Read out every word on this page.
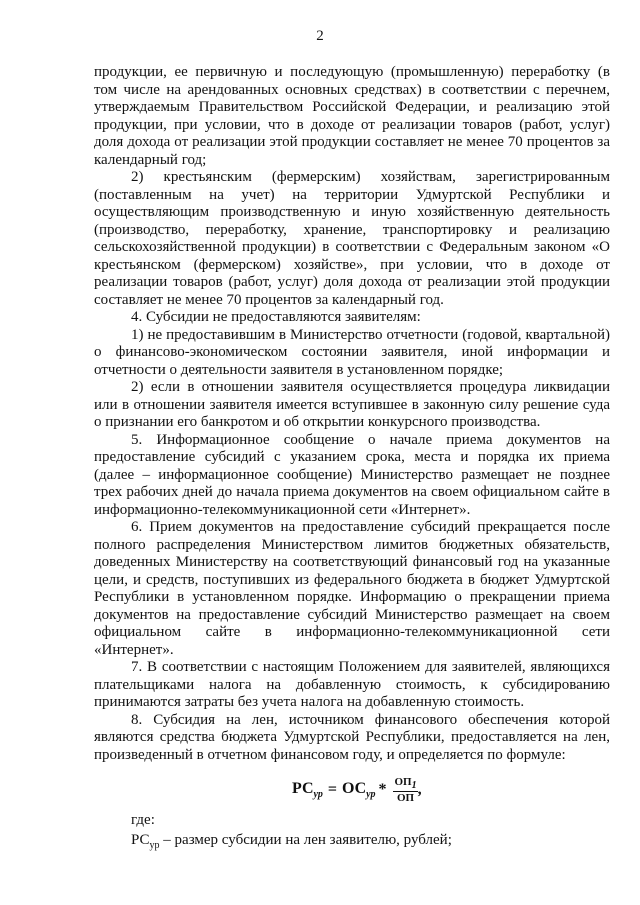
2
продукции, ее первичную и последующую (промышленную) переработку (в
том числе на арендованных основных средствах) в соответствии с перечнем,
утверждаемым Правительством Российской Федерации, и реализацию этой
продукции, при условии, что в доходе от реализации товаров (работ, услуг)
доля дохода от реализации этой продукции составляет не менее 70 процентов за
календарный год;
2) крестьянским (фермерским) хозяйствам, зарегистрированным
(поставленным на учет) на территории Удмуртской Республики и
осуществляющим производственную и иную хозяйственную деятельность
(производство, переработку, хранение, транспортировку и реализацию
сельскохозяйственной продукции) в соответствии с Федеральным законом «О
крестьянском (фермерском) хозяйстве», при условии, что в доходе от
реализации товаров (работ, услуг) доля дохода от реализации этой продукции
составляет не менее 70 процентов за календарный год.
4. Субсидии не предоставляются заявителям:
1) не предоставившим в Министерство отчетности (годовой, квартальной)
о финансово-экономическом состоянии заявителя, иной информации и
отчетности о деятельности заявителя в установленном порядке;
2) если в отношении заявителя осуществляется процедура ликвидации
или в отношении заявителя имеется вступившее в законную силу решение суда
о признании его банкротом и об открытии конкурсного производства.
5. Информационное сообщение о начале приема документов на
предоставление субсидий с указанием срока, места и порядка их приема
(далее – информационное сообщение) Министерство размещает не позднее
трех рабочих дней до начала приема документов на своем официальном сайте в
информационно-телекоммуникационной сети «Интернет».
6. Прием документов на предоставление субсидий прекращается после
полного распределения Министерством лимитов бюджетных обязательств,
доведенных Министерству на соответствующий финансовый год на указанные
цели, и средств, поступивших из федерального бюджета в бюджет Удмуртской
Республики в установленном порядке. Информацию о прекращении приема
документов на предоставление субсидий Министерство размещает на своем
официальном сайте в информационно-телекоммуникационной сети
«Интернет».
7. В соответствии с настоящим Положением для заявителей, являющихся
плательщиками налога на добавленную стоимость, к субсидированию
принимаются затраты без учета налога на добавленную стоимость.
8. Субсидия на лен, источником финансового обеспечения которой
являются средства бюджета Удмуртской Республики, предоставляется на лен,
произведенный в отчетном финансовом году, и определяется по формуле:
$РС_{ур} = ОС_{ур} * \frac{ОП_1}{ОП}$ ,
где:
$РС_{ур}$ – размер субсидии на лен заявителю, рублей;
